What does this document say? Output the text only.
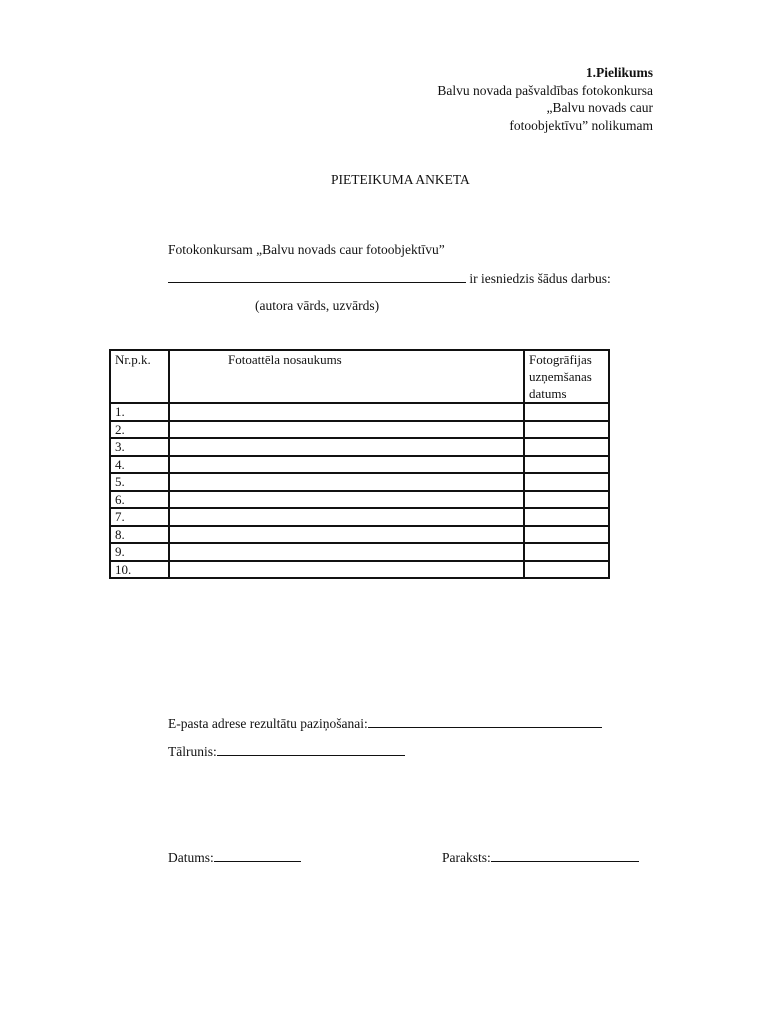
1.Pielikums
Balvu novada pašvaldības fotokonkursa
„Balvu novads caur
fotoobjektīvu” nolikumam
PIETEIKUMA ANKETA
Fotokonkursam „Balvu novads caur fotoobjektīvu”
ir iesniedzis šādus darbus:
(autora vārds, uzvārds)
Nr.p.k.	Fotoattēla nosaukums	Fotogrāfijas uzņemšanas datums
1.		
2.		
3.		
4.		
5.		
6.		
7.		
8.		
9.		
10.		
E-pasta adrese rezultātu paziņošanai:
Tālrunis:
Datums:	Paraksts:
